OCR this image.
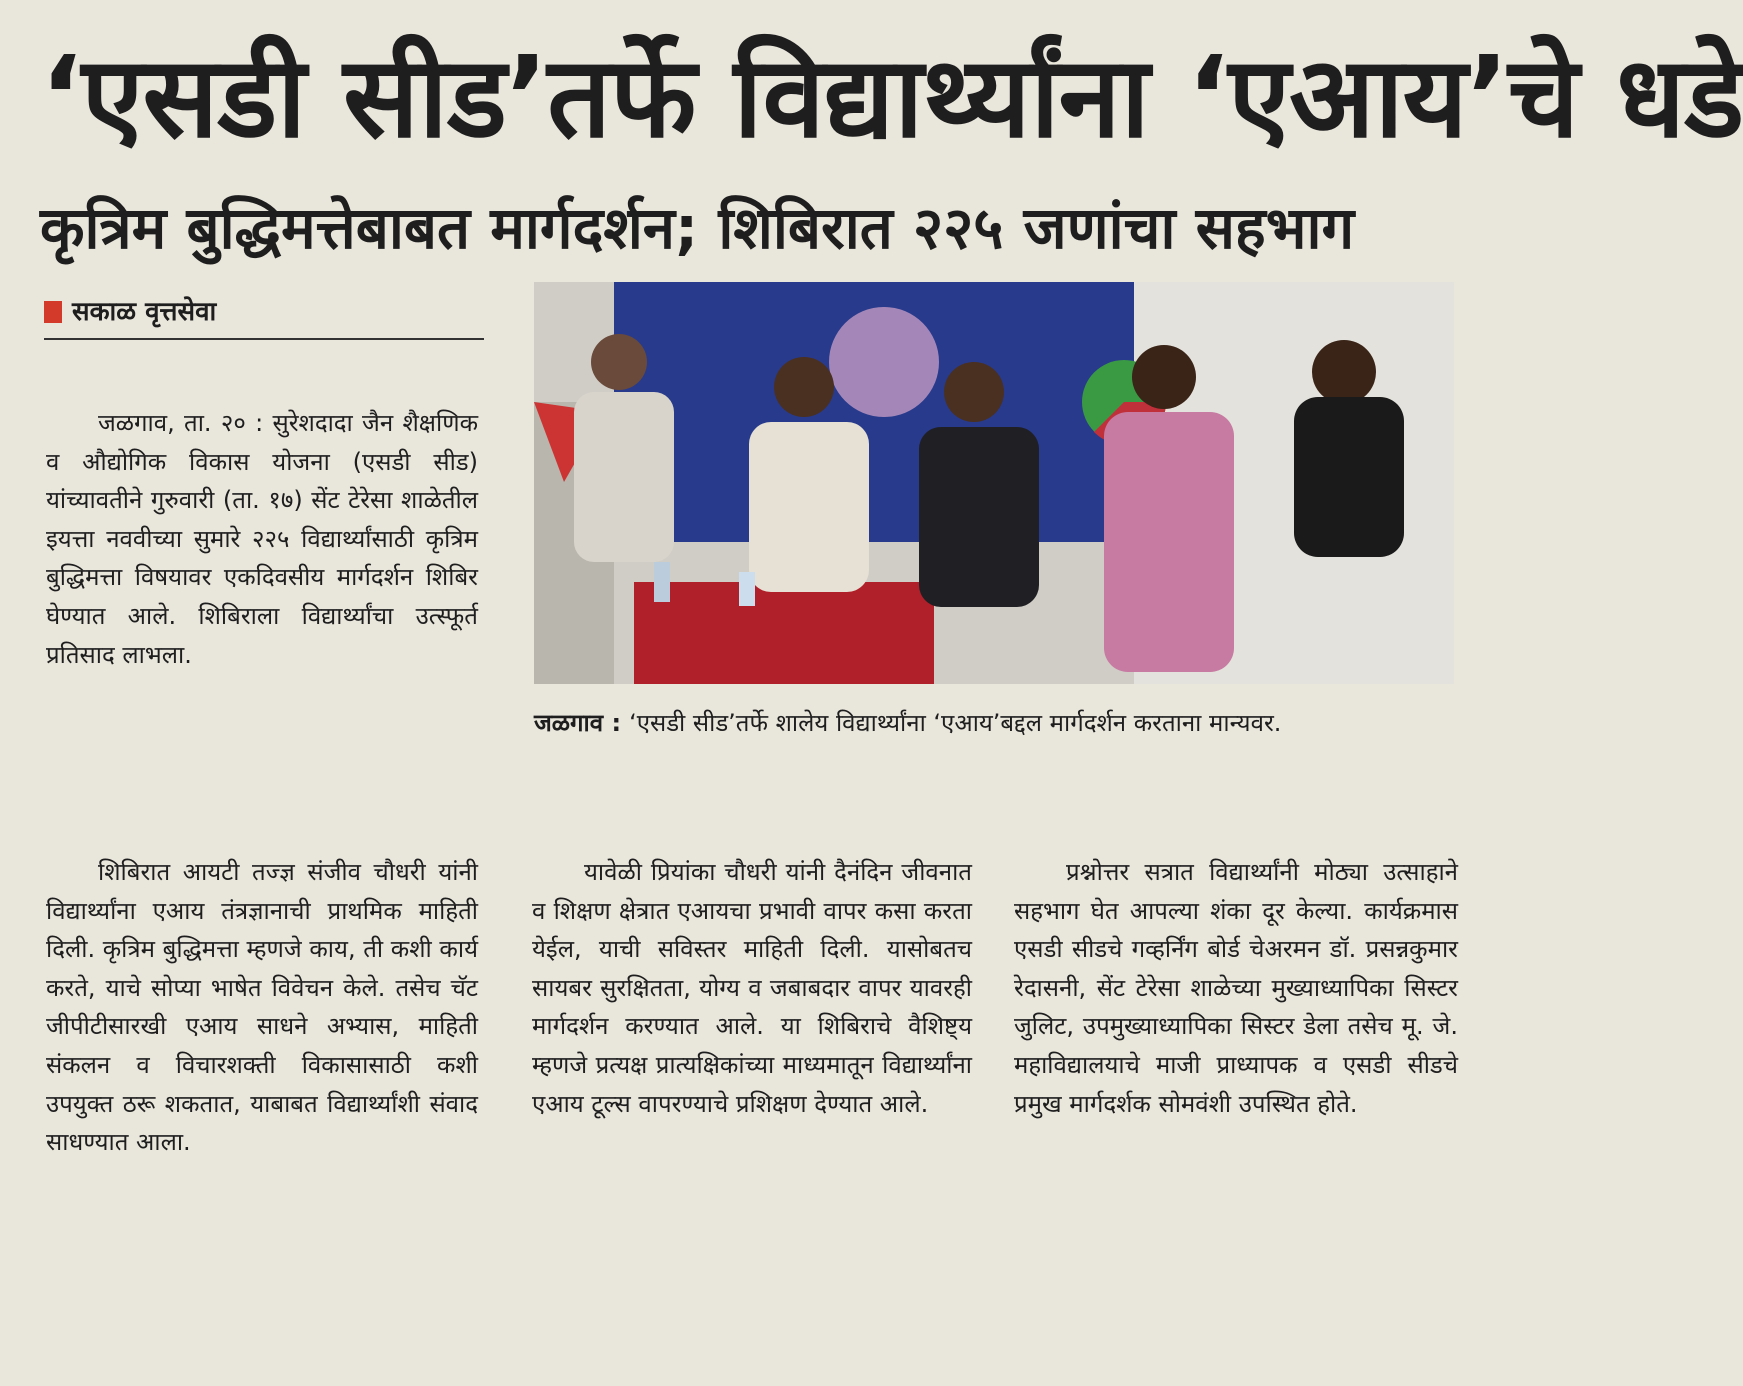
‘एसडी सीड’तर्फे विद्यार्थ्यांना ‘एआय’चे धडे
कृत्रिम बुद्धिमत्तेबाबत मार्गदर्शन; शिबिरात २२५ जणांचा सहभाग
सकाळ वृत्तसेवा

जळगाव, ता. २० : सुरेशदादा जैन शैक्षणिक व औद्योगिक विकास योजना (एसडी सीड) यांच्यावतीने गुरुवारी (ता. १७) सेंट टेरेसा शाळेतील इयत्ता नववीच्या सुमारे २२५ विद्यार्थ्यांसाठी कृत्रिम बुद्धिमत्ता विषयावर एकदिवसीय मार्गदर्शन शिबिर घेण्यात आले. शिबिराला विद्यार्थ्यांचा उत्स्फूर्त प्रतिसाद लाभला.

जळगाव : ‘एसडी सीड’तर्फे शालेय विद्यार्थ्यांना ‘एआय’बद्दल मार्गदर्शन करताना मान्यवर.

शिबिरात आयटी तज्ज्ञ संजीव चौधरी यांनी विद्यार्थ्यांना एआय तंत्रज्ञानाची प्राथमिक माहिती दिली. कृत्रिम बुद्धिमत्ता म्हणजे काय, ती कशी कार्य करते, याचे सोप्या भाषेत विवेचन केले. तसेच चॅट जीपीटीसारखी एआय साधने अभ्यास, माहिती संकलन व विचारशक्ती विकासासाठी कशी उपयुक्त ठरू शकतात, याबाबत विद्यार्थ्यांशी संवाद साधण्यात आला.

यावेळी प्रियांका चौधरी यांनी दैनंदिन जीवनात व शिक्षण क्षेत्रात एआयचा प्रभावी वापर कसा करता येईल, याची सविस्तर माहिती दिली. यासोबतच सायबर सुरक्षितता, योग्य व जबाबदार वापर यावरही मार्गदर्शन करण्यात आले. या शिबिराचे वैशिष्ट्य म्हणजे प्रत्यक्ष प्रात्यक्षिकांच्या माध्यमातून विद्यार्थ्यांना एआय टूल्स वापरण्याचे प्रशिक्षण देण्यात आले.

प्रश्नोत्तर सत्रात विद्यार्थ्यांनी मोठ्या उत्साहाने सहभाग घेत आपल्या शंका दूर केल्या. कार्यक्रमास एसडी सीडचे गव्हर्निंग बोर्ड चेअरमन डॉ. प्रसन्नकुमार रेदासनी, सेंट टेरेसा शाळेच्या मुख्याध्यापिका सिस्टर जुलिट, उपमुख्याध्यापिका सिस्टर डेला तसेच मू. जे. महाविद्यालयाचे माजी प्राध्यापक व एसडी सीडचे प्रमुख मार्गदर्शक सोमवंशी उपस्थित होते.
